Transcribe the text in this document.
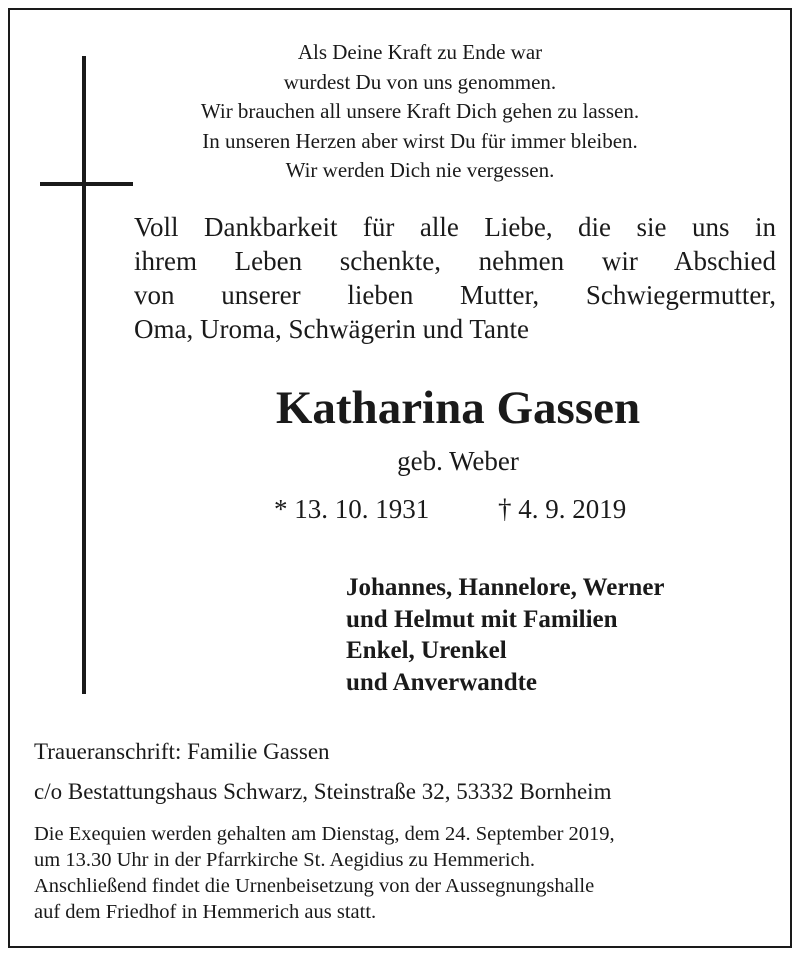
Als Deine Kraft zu Ende war
wurdest Du von uns genommen.
Wir brauchen all unsere Kraft Dich gehen zu lassen.
In unseren Herzen aber wirst Du für immer bleiben.
Wir werden Dich nie vergessen.
Voll Dankbarkeit für alle Liebe, die sie uns in
ihrem Leben schenkte, nehmen wir Abschied
von unserer lieben Mutter, Schwiegermutter,
Oma, Uroma, Schwägerin und Tante
Katharina Gassen
geb. Weber
* 13. 10. 1931	† 4. 9. 2019
Johannes, Hannelore, Werner
und Helmut mit Familien
Enkel, Urenkel
und Anverwandte
Traueranschrift: Familie Gassen
c/o Bestattungshaus Schwarz, Steinstraße 32, 53332 Bornheim
Die Exequien werden gehalten am Dienstag, dem 24. September 2019,
um 13.30 Uhr in der Pfarrkirche St. Aegidius zu Hemmerich.
Anschließend findet die Urnenbeisetzung von der Aussegnungshalle
auf dem Friedhof in Hemmerich aus statt.
